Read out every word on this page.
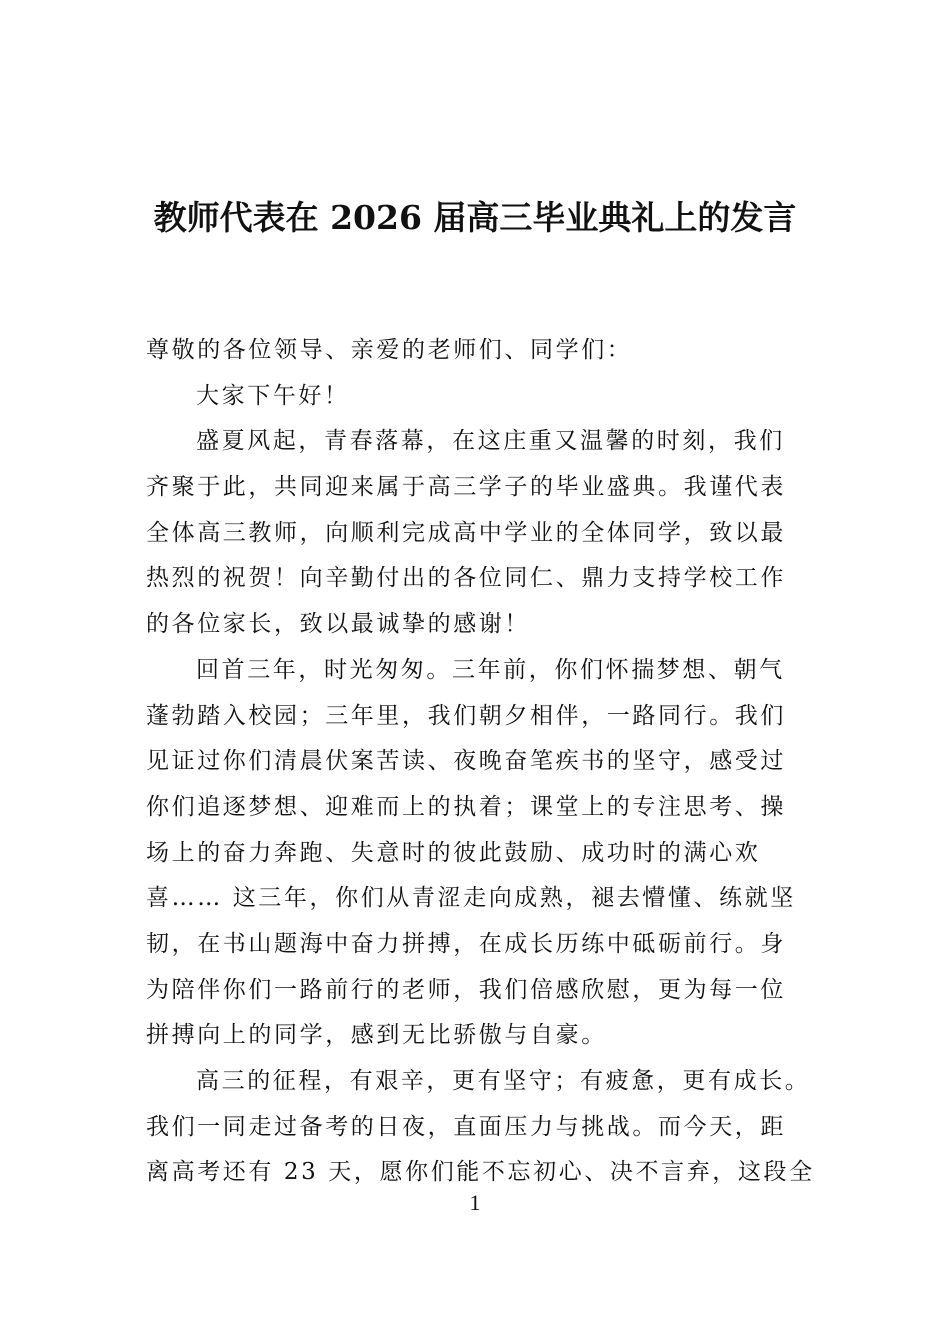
教师代表在 2026 届高三毕业典礼上的发言
尊敬的各位领导、亲爱的老师们、同学们：
大家下午好！
盛夏风起，青春落幕，在这庄重又温馨的时刻，我们
齐聚于此，共同迎来属于高三学子的毕业盛典。我谨代表
全体高三教师，向顺利完成高中学业的全体同学，致以最
热烈的祝贺！向辛勤付出的各位同仁、鼎力支持学校工作
的各位家长，致以最诚挚的感谢！
回首三年，时光匆匆。三年前，你们怀揣梦想、朝气
蓬勃踏入校园；三年里，我们朝夕相伴，一路同行。我们
见证过你们清晨伏案苦读、夜晚奋笔疾书的坚守，感受过
你们追逐梦想、迎难而上的执着；课堂上的专注思考、操
场上的奋力奔跑、失意时的彼此鼓励、成功时的满心欢
喜…… 这三年，你们从青涩走向成熟，褪去懵懂、练就坚
韧，在书山题海中奋力拼搏，在成长历练中砥砺前行。身
为陪伴你们一路前行的老师，我们倍感欣慰，更为每一位
拼搏向上的同学，感到无比骄傲与自豪。
高三的征程，有艰辛，更有坚守；有疲惫，更有成长。
我们一同走过备考的日夜，直面压力与挑战。而今天，距
离高考还有 23 天，愿你们能不忘初心、决不言弃，这段全
1
